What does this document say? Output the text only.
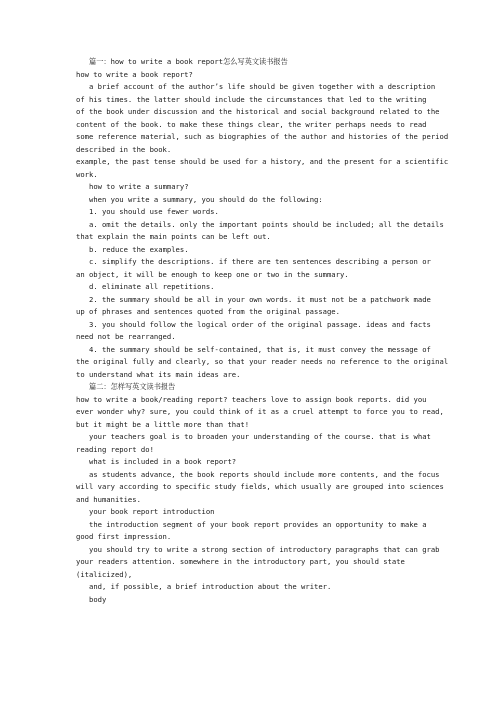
篇一：how to write a book report怎么写英文读书报告
how to write a book report?
a brief account of the author’s life should be given together with a description
of his times. the latter should include the circumstances that led to the writing
of the book under discussion and the historical and social background related to the
content of the book. to make these things clear, the writer perhaps needs to read
some reference material, such as biographies of the author and histories of the period
described in the book.
example, the past tense should be used for a history, and the present for a scientific
work.
how to write a summary?
when you write a summary, you should do the following:
1. you should use fewer words.
a. omit the details. only the important points should be included; all the details
that explain the main points can be left out.
b. reduce the examples.
c. simplify the descriptions. if there are ten sentences describing a person or
an object, it will be enough to keep one or two in the summary.
d. eliminate all repetitions.
2. the summary should be all in your own words. it must not be a patchwork made
up of phrases and sentences quoted from the original passage.
3. you should follow the logical order of the original passage. ideas and facts
need not be rearranged.
4. the summary should be self-contained, that is, it must convey the message of
the original fully and clearly, so that your reader needs no reference to the original
to understand what its main ideas are.
篇二：怎样写英文读书报告
how to write a book/reading report? teachers love to assign book reports. did you
ever wonder why? sure, you could think of it as a cruel attempt to force you to read,
but it might be a little more than that!
your teachers goal is to broaden your understanding of the course. that is what
reading report do!
what is included in a book report?
as students advance, the book reports should include more contents, and the focus
will vary according to specific study fields, which usually are grouped into sciences
and humanities.
your book report introduction
the introduction segment of your book report provides an opportunity to make a
good first impression.
you should try to write a strong section of introductory paragraphs that can grab
your readers attention. somewhere in the introductory part, you should state
(italicized),
and, if possible, a brief introduction about the writer.
body
